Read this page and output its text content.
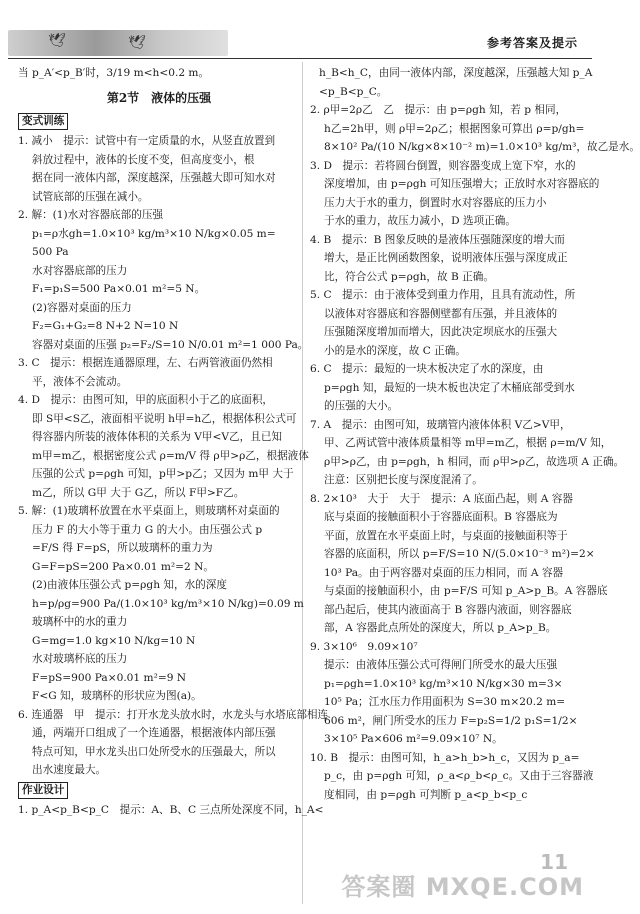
🕊	🕊	参考答案及提示
当 p_A′<p_B′时，3/19 m<h<0.2 m。
第2节　液体的压强
变式训练
1. 减小　提示：试管中有一定质量的水，从竖直放置到
斜放过程中，液体的长度不变，但高度变小，根
据在同一液体内部，深度越深，压强越大即可知水对
试管底部的压强在减小。
2. 解：(1)水对容器底部的压强
p₁=ρ水gh=1.0×10³ kg/m³×10 N/kg×0.05 m=
500 Pa
水对容器底部的压力
F₁=p₁S=500 Pa×0.01 m²=5 N。
(2)容器对桌面的压力
F₂=G₁+G₂=8 N+2 N=10 N
容器对桌面的压强 p₂=F₂/S=10 N/0.01 m²=1 000 Pa。
3. C　提示：根据连通器原理，左、右两管液面仍然相
平，液体不会流动。
4. D　提示：由图可知，甲的底面积小于乙的底面积，
即 S甲<S乙，液面相平说明 h甲=h乙，根据体积公式可
得容器内所装的液体体积的关系为 V甲<V乙，且已知
m甲=m乙，根据密度公式 ρ=m/V 得 ρ甲>ρ乙，根据液体
压强的公式 p=ρgh 可知，p甲>p乙；又因为 m甲 大于
m乙，所以 G甲 大于 G乙，所以 F甲>F乙。
5. 解：(1)玻璃杯放置在水平桌面上，则玻璃杯对桌面的
压力 F 的大小等于重力 G 的大小。由压强公式 p
=F/S 得 F=pS，所以玻璃杯的重力为
G=F=pS=200 Pa×0.01 m²=2 N。
(2)由液体压强公式 p=ρgh 知，水的深度
h=p/ρg=900 Pa/(1.0×10³ kg/m³×10 N/kg)=0.09 m
玻璃杯中的水的重力
G=mg=1.0 kg×10 N/kg=10 N
水对玻璃杯底的压力
F=pS=900 Pa×0.01 m²=9 N
F<G 知，玻璃杯的形状应为图(a)。
6. 连通器　甲　提示：打开水龙头放水时，水龙头与水塔底部相连
通，两端开口组成了一个连通器，根据液体内部压强
特点可知，甲水龙头出口处所受水的压强最大，所以
出水速度最大。
作业设计
1. p_A<p_B<p_C　提示：A、B、C 三点所处深度不同，h_A<
h_B<h_C，由同一液体内部，深度越深，压强越大知 p_A
<p_B<p_C。
2. ρ甲=2ρ乙　乙　提示：由 p=ρgh 知，若 p 相同，
h乙=2h甲，则 ρ甲=2ρ乙；根据图象可算出 ρ=p/gh=
8×10² Pa/(10 N/kg×8×10⁻² m)=1.0×10³ kg/m³，故乙是水。
3. D　提示：若将圆台倒置，则容器变成上宽下窄，水的
深度增加，由 p=ρgh 可知压强增大；正放时水对容器底的
压力大于水的重力，倒置时水对容器底的压力小
于水的重力，故压力减小，D 选项正确。
4. B　提示：B 图象反映的是液体压强随深度的增大而
增大，是正比例函数图象，说明液体压强与深度成正
比，符合公式 p=ρgh，故 B 正确。
5. C　提示：由于液体受到重力作用，且具有流动性，所
以液体对容器底和容器侧壁都有压强，并且液体的
压强随深度增加而增大，因此决定坝底水的压强大
小的是水的深度，故 C 正确。
6. C　提示：最短的一块木板决定了水的深度，由
p=ρgh 知，最短的一块木板也决定了木桶底部受到水
的压强的大小。
7. A　提示：由图可知，玻璃管内液体体积 V乙>V甲，
甲、乙两试管中液体质量相等 m甲=m乙，根据 ρ=m/V 知，
ρ甲>ρ乙，由 p=ρgh，h 相同，而 ρ甲>ρ乙，故选项 A 正确。
注意：区别把长度与深度混淆了。
8. 2×10³　大于　大于　提示：A 底面凸起，则 A 容器
底与桌面的接触面积小于容器底面积。B 容器底为
平面，放置在水平桌面上时，与桌面的接触面积等于
容器的底面积，所以 p=F/S=10 N/(5.0×10⁻³ m²)=2×
10³ Pa。由于两容器对桌面的压力相同，而 A 容器
与桌面的接触面积小，由 p=F/S 可知 p_A>p_B。A 容器底
部凸起后，使其内液面高于 B 容器内液面，则容器底
部，A 容器此点所处的深度大，所以 p_A>p_B。
9. 3×10⁶　9.09×10⁷
提示：由液体压强公式可得闸门所受水的最大压强
p₁=ρgh=1.0×10³ kg/m³×10 N/kg×30 m=3×
10⁵ Pa；江水压力作用面积为 S=30 m×20.2 m=
606 m²，闸门所受水的压力 F=p₂S=1/2 p₁S=1/2×
3×10⁵ Pa×606 m²=9.09×10⁷ N。
10. B　提示：由图可知，h_a>h_b>h_c，又因为 p_a=
p_c，由 p=ρgh 可知，ρ_a<ρ_b<ρ_c。又由于三容器液
度相同，由 p=ρgh 可判断 p_a<p_b<p_c
11
答案圈 MXQE.COM
